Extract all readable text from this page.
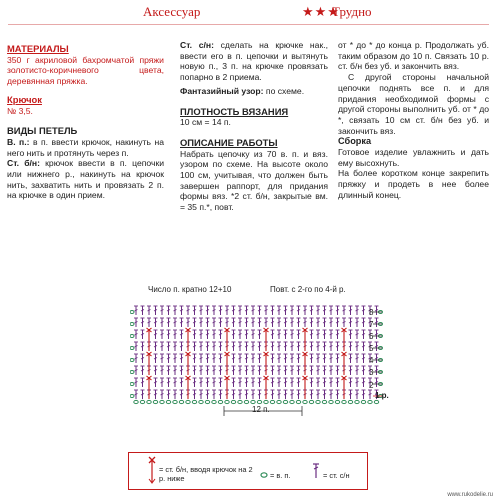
Аксессуар	★★★
Трудно

МАТЕРИАЛЫ

350 г акриловой бахромчатой пряжи золотисто-коричневого цвета, деревянная пряжка.

Крючок

№ 3,5.

ВИДЫ ПЕТЕЛЬ

В. п.: в п. ввести крючок, накинуть на него нить и протянуть через п.

Ст. б/н: крючок ввести в п. цепочки или нижнего р., накинуть на крючок нить, захватить нить и провязать 2 п. на крючке в один прием.

Ст. с/н: сделать на крючке нак., ввести его в п. цепочки и вытянуть новую п., 3 п. на крючке провязать попарно в 2 приема.

Фантазийный узор: по схеме.

ПЛОТНОСТЬ ВЯЗАНИЯ

10 см = 14 п.

ОПИСАНИЕ РАБОТЫ

Набрать цепочку из 70 в. п. и вяз. узором по схеме. На высоте около 100 см, учитывая, что должен быть завершен раппорт, для придания формы вяз. *2 ст. б/н, закрытые вм. = 35 п.*, повт.

от * до * до конца р. Продолжать уб. таким образом до 10 п. Связать 10 р. ст. б/н без уб. и закончить вяз.

С другой стороны начальной цепочки поднять все п. и для придания необходимой формы с другой стороны выполнить уб. от * до *, связать 10 см ст. б/н без уб. и закончить вяз.

Сборка

Готовое изделие увлажнить и дать ему высохнуть.

На более коротком конце закрепить пряжку и продеть в нее более длинный конец.

Число п. кратно 12+10	Повт. с 2-го по 4-й р.
2
3
4
5
6
7
8
1 р.
12 п.
= ст. б/н, вводя крючок на 2 р. ниже	= в. п.	= ст. с/н
www.rukodelie.ru
